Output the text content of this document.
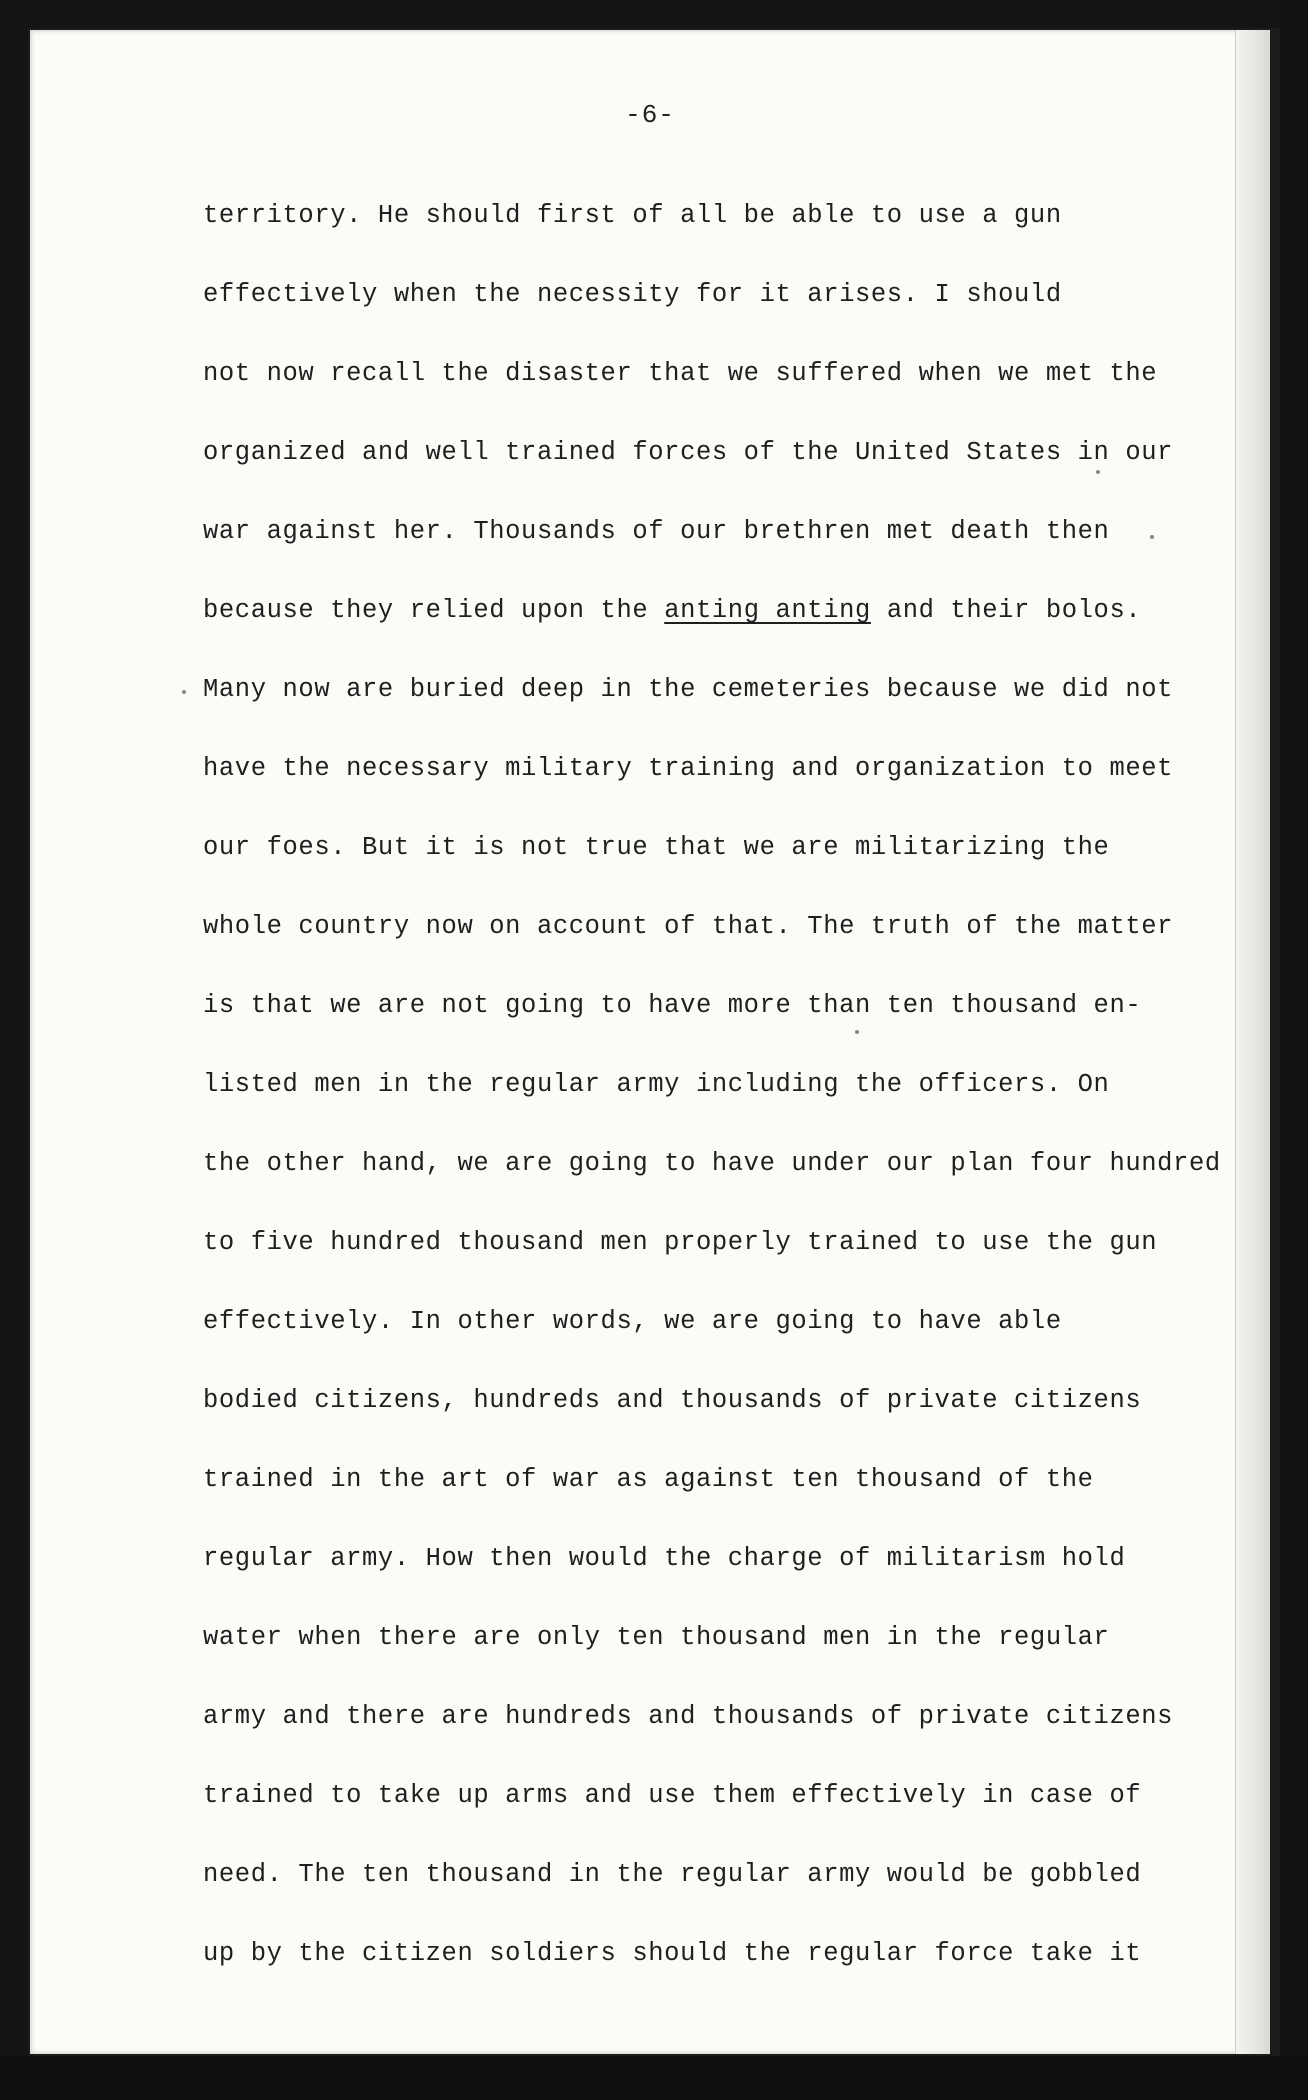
-6-
territory. He should first of all be able to use a gun
effectively when the necessity for it arises. I should
not now recall the disaster that we suffered when we met the
organized and well trained forces of the United States in our
war against her. Thousands of our brethren met death then
because they relied upon the anting anting and their bolos.
Many now are buried deep in the cemeteries because we did not
have the necessary military training and organization to meet
our foes. But it is not true that we are militarizing the
whole country now on account of that. The truth of the matter
is that we are not going to have more than ten thousand en-
listed men in the regular army including the officers. On
the other hand, we are going to have under our plan four hundred
to five hundred thousand men properly trained to use the gun
effectively. In other words, we are going to have able
bodied citizens, hundreds and thousands of private citizens
trained in the art of war as against ten thousand of the
regular army. How then would the charge of militarism hold
water when there are only ten thousand men in the regular
army and there are hundreds and thousands of private citizens
trained to take up arms and use them effectively in case of
need. The ten thousand in the regular army would be gobbled
up by the citizen soldiers should the regular force take it
